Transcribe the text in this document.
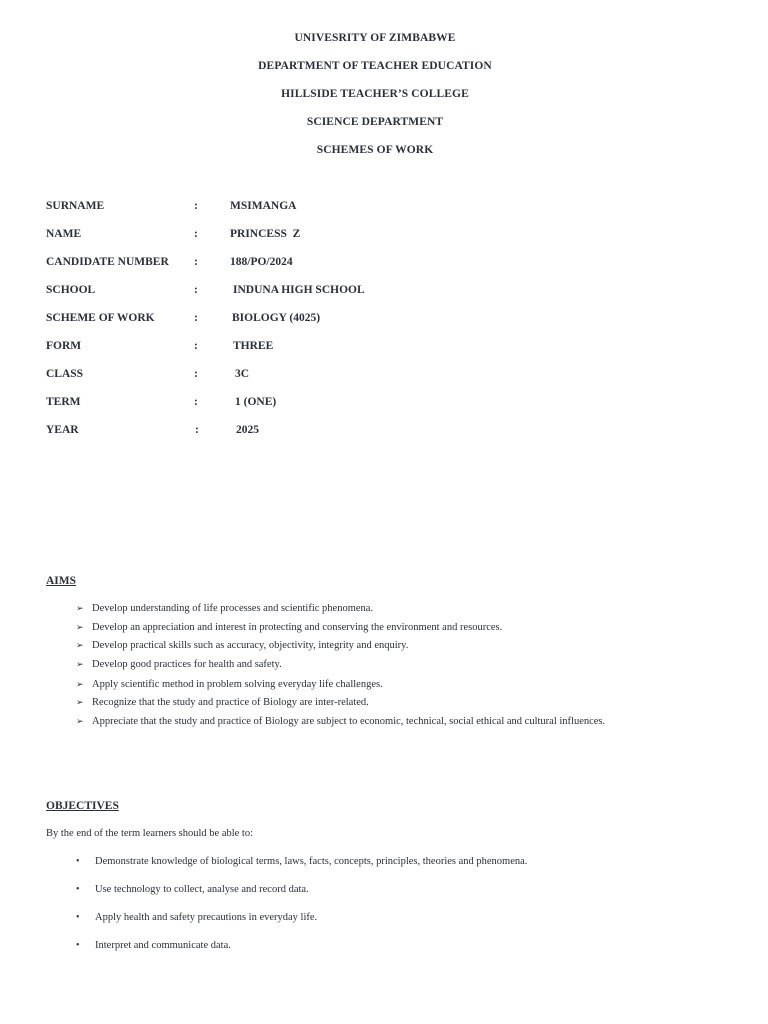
UNIVESRITY OF ZIMBABWE
DEPARTMENT OF TEACHER EDUCATION
HILLSIDE TEACHER’S COLLEGE
SCIENCE DEPARTMENT
SCHEMES OF WORK
SURNAME	:	MSIMANGA
NAME	:	PRINCESS  Z
CANDIDATE NUMBER :	188/PO/2024
SCHOOL	:	INDUNA HIGH SCHOOL
SCHEME OF WORK	:	BIOLOGY (4025)
FORM	:	THREE
CLASS	:	3C
TERM	:	1 (ONE)
YEAR	:	2025
AIMS
➢ Develop understanding of life processes and scientific phenomena.
➢ Develop an appreciation and interest in protecting and conserving the environment and resources.
➢ Develop practical skills such as accuracy, objectivity, integrity and enquiry.
➢ Develop good practices for health and safety.
➢ Apply scientific method in problem solving everyday life challenges.
➢ Recognize that the study and practice of Biology are inter-related.
➢ Appreciate that the study and practice of Biology are subject to economic, technical, social ethical and cultural influences.
OBJECTIVES
By the end of the term learners should be able to:
• Demonstrate knowledge of biological terms, laws, facts, concepts, principles, theories and phenomena.
• Use technology to collect, analyse and record data.
• Apply health and safety precautions in everyday life.
• Interpret and communicate data.
